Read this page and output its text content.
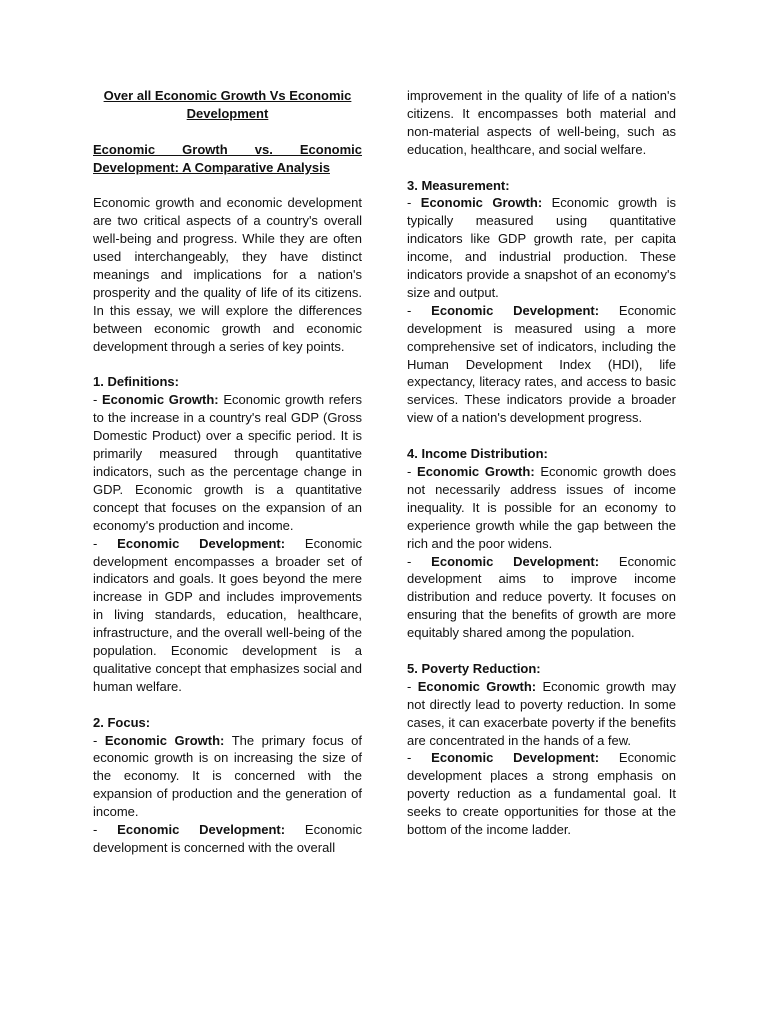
Over all Economic Growth Vs Economic Development

Economic Growth vs. Economic
Development: A Comparative Analysis

Economic growth and economic development are two critical aspects of a country's overall well-being and progress. While they are often used interchangeably, they have distinct meanings and implications for a nation's prosperity and the quality of life of its citizens. In this essay, we will explore the differences between economic growth and economic development through a series of key points.

1. Definitions:

- Economic Growth: Economic growth refers to the increase in a country's real GDP (Gross Domestic Product) over a specific period. It is primarily measured through quantitative indicators, such as the percentage change in GDP. Economic growth is a quantitative concept that focuses on the expansion of an economy's production and income.

- Economic Development: Economic development encompasses a broader set of indicators and goals. It goes beyond the mere increase in GDP and includes improvements in living standards, education, healthcare, infrastructure, and the overall well-being of the population. Economic development is a qualitative concept that emphasizes social and human welfare.

2. Focus:

- Economic Growth: The primary focus of economic growth is on increasing the size of the economy. It is concerned with the expansion of production and the generation of income.

- Economic Development: Economic development is concerned with the overall

improvement in the quality of life of a nation's citizens. It encompasses both material and non-material aspects of well-being, such as education, healthcare, and social welfare.

3. Measurement:

- Economic Growth: Economic growth is typically measured using quantitative indicators like GDP growth rate, per capita income, and industrial production. These indicators provide a snapshot of an economy's size and output.

- Economic Development: Economic development is measured using a more comprehensive set of indicators, including the Human Development Index (HDI), life expectancy, literacy rates, and access to basic services. These indicators provide a broader view of a nation's development progress.

4. Income Distribution:

- Economic Growth: Economic growth does not necessarily address issues of income inequality. It is possible for an economy to experience growth while the gap between the rich and the poor widens.

- Economic Development: Economic development aims to improve income distribution and reduce poverty. It focuses on ensuring that the benefits of growth are more equitably shared among the population.

5. Poverty Reduction:

- Economic Growth: Economic growth may not directly lead to poverty reduction. In some cases, it can exacerbate poverty if the benefits are concentrated in the hands of a few.

- Economic Development: Economic development places a strong emphasis on poverty reduction as a fundamental goal. It seeks to create opportunities for those at the bottom of the income ladder.
